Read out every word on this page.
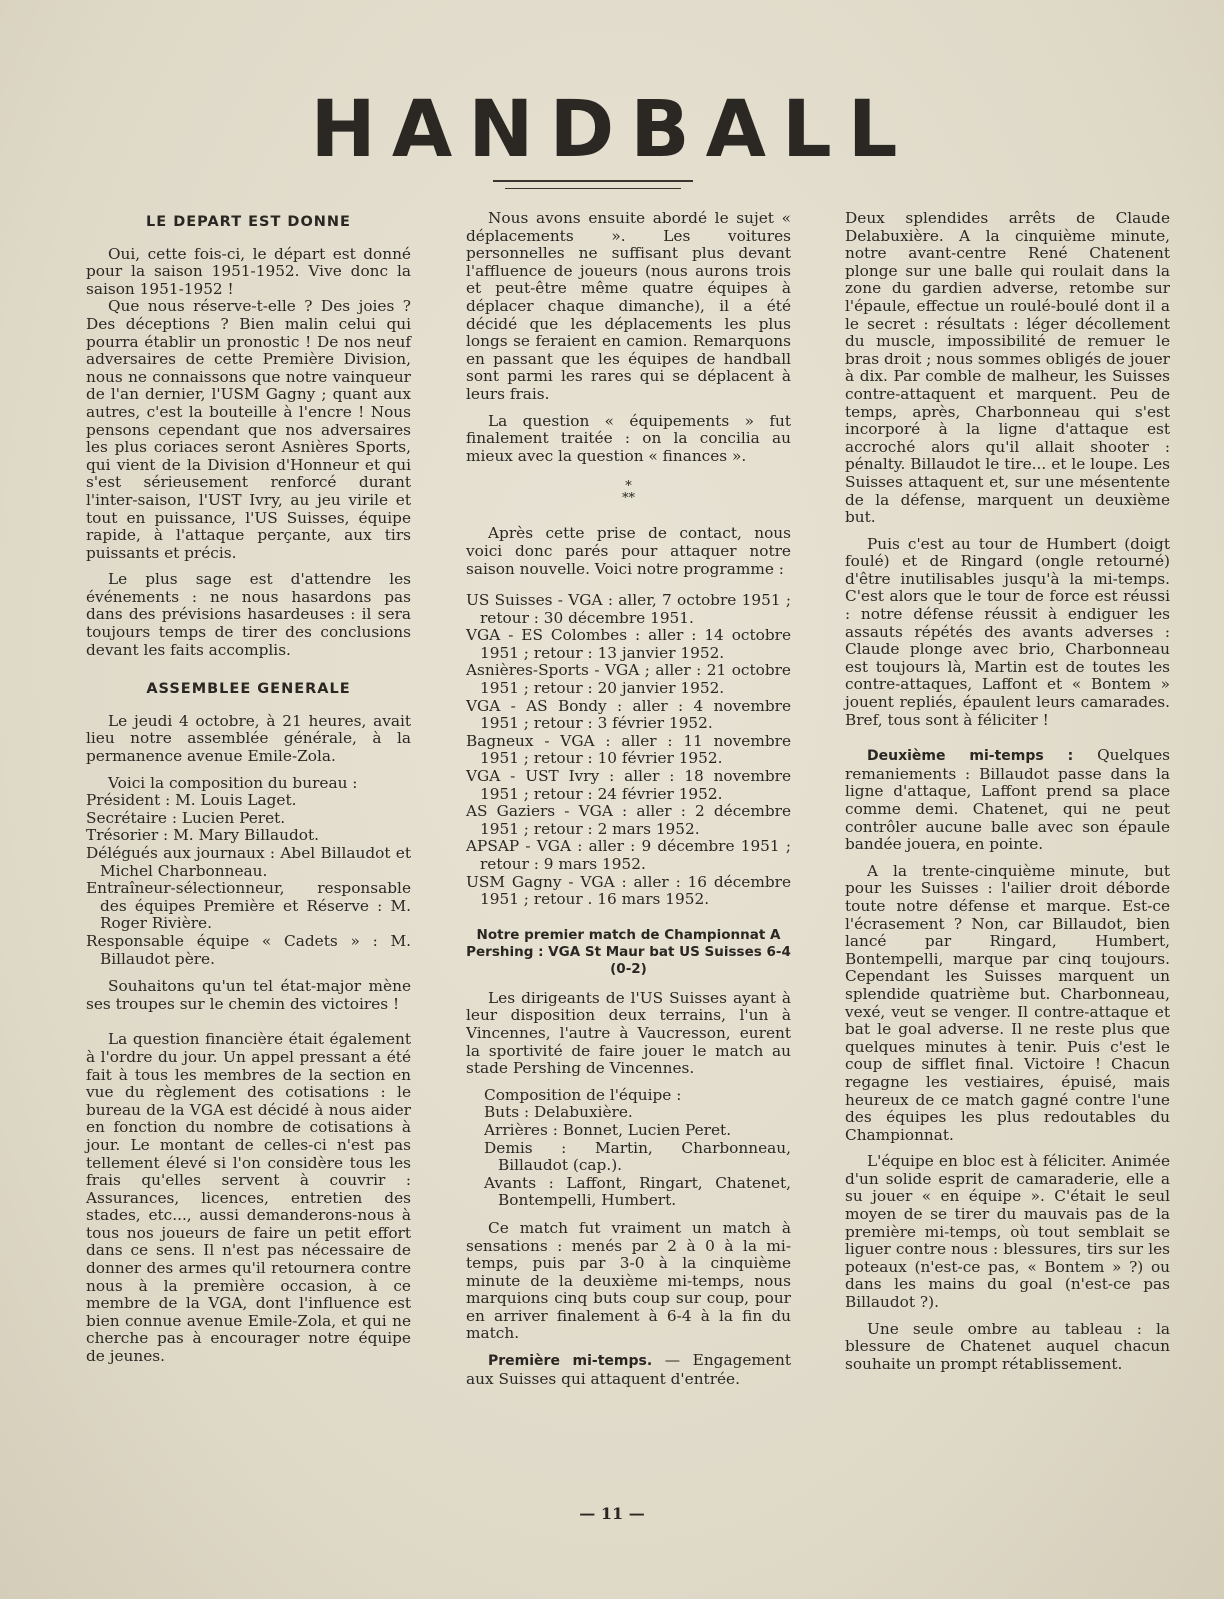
HANDBALL
LE DEPART EST DONNE

Oui, cette fois-ci, le départ est donné pour la saison 1951-1952. Vive donc la saison 1951-1952 !

Que nous réserve-t-elle ? Des joies ? Des déceptions ? Bien malin celui qui pourra établir un pronostic ! De nos neuf adversaires de cette Première Division, nous ne connaissons que notre vainqueur de l'an dernier, l'USM Gagny ; quant aux autres, c'est la bouteille à l'encre ! Nous pensons cependant que nos adversaires les plus coriaces seront Asnières Sports, qui vient de la Division d'Honneur et qui s'est sérieusement renforcé durant l'inter-saison, l'UST Ivry, au jeu virile et tout en puissance, l'US Suisses, équipe rapide, à l'attaque perçante, aux tirs puissants et précis.

Le plus sage est d'attendre les événements : ne nous hasardons pas dans des prévisions hasardeuses : il sera toujours temps de tirer des conclusions devant les faits accomplis.

ASSEMBLEE GENERALE

Le jeudi 4 octobre, à 21 heures, avait lieu notre assemblée générale, à la permanence avenue Emile-Zola.

Voici la composition du bureau :

Président : M. Louis Laget.
Secrétaire : Lucien Peret.
Trésorier : M. Mary Billaudot.
Délégués aux journaux : Abel Billaudot et Michel Charbonneau.
Entraîneur-sélectionneur, responsable des équipes Première et Réserve : M. Roger Rivière.
Responsable équipe « Cadets » : M. Billaudot père.

Souhaitons qu'un tel état-major mène ses troupes sur le chemin des victoires !

La question financière était également à l'ordre du jour. Un appel pressant a été fait à tous les membres de la section en vue du règlement des cotisations : le bureau de la VGA est décidé à nous aider en fonction du nombre de cotisations à jour. Le montant de celles-ci n'est pas tellement élevé si l'on considère tous les frais qu'elles servent à couvrir : Assurances, licences, entretien des stades, etc..., aussi demanderons-nous à tous nos joueurs de faire un petit effort dans ce sens. Il n'est pas nécessaire de donner des armes qu'il retournera contre nous à la première occasion, à ce membre de la VGA, dont l'influence est bien connue avenue Emile-Zola, et qui ne cherche pas à encourager notre équipe de jeunes.

Nous avons ensuite abordé le sujet « déplacements ». Les voitures personnelles ne suffisant plus devant l'affluence de joueurs (nous aurons trois et peut-être même quatre équipes à déplacer chaque dimanche), il a été décidé que les déplacements les plus longs se feraient en camion. Remarquons en passant que les équipes de handball sont parmi les rares qui se déplacent à leurs frais.

La question « équipements » fut finalement traitée : on la concilia au mieux avec la question « finances ».

*
**

Après cette prise de contact, nous voici donc parés pour attaquer notre saison nouvelle. Voici notre programme :

US Suisses - VGA : aller, 7 octobre 1951 ; retour : 30 décembre 1951.
VGA - ES Colombes : aller : 14 octobre 1951 ; retour : 13 janvier 1952.
Asnières-Sports - VGA ; aller : 21 octobre 1951 ; retour : 20 janvier 1952.
VGA - AS Bondy : aller : 4 novembre 1951 ; retour : 3 février 1952.
Bagneux - VGA : aller : 11 novembre 1951 ; retour : 10 février 1952.
VGA - UST Ivry : aller : 18 novembre 1951 ; retour : 24 février 1952.
AS Gaziers - VGA : aller : 2 décembre 1951 ; retour : 2 mars 1952.
APSAP - VGA : aller : 9 décembre 1951 ; retour : 9 mars 1952.
USM Gagny - VGA : aller : 16 décembre 1951 ; retour . 16 mars 1952.
Notre premier match de Championnat A Pershing : VGA St Maur bat US Suisses 6-4 (0-2)

Les dirigeants de l'US Suisses ayant à leur disposition deux terrains, l'un à Vincennes, l'autre à Vaucresson, eurent la sportivité de faire jouer le match au stade Pershing de Vincennes.

Composition de l'équipe :
Buts : Delabuxière.
Arrières : Bonnet, Lucien Peret.
Demis : Martin, Charbonneau, Billaudot (cap.).
Avants : Laffont, Ringart, Chatenet, Bontempelli, Humbert.

Ce match fut vraiment un match à sensations : menés par 2 à 0 à la mi-temps, puis par 3-0 à la cinquième minute de la deuxième mi-temps, nous marquions cinq buts coup sur coup, pour en arriver finalement à 6-4 à la fin du match.

Première mi-temps. — Engagement aux Suisses qui attaquent d'entrée.

Deux splendides arrêts de Claude Delabuxière. A la cinquième minute, notre avant-centre René Chatenent plonge sur une balle qui roulait dans la zone du gardien adverse, retombe sur l'épaule, effectue un roulé-boulé dont il a le secret : résultats : léger décollement du muscle, impossibilité de remuer le bras droit ; nous sommes obligés de jouer à dix. Par comble de malheur, les Suisses contre-attaquent et marquent. Peu de temps, après, Charbonneau qui s'est incorporé à la ligne d'attaque est accroché alors qu'il allait shooter : pénalty. Billaudot le tire... et le loupe. Les Suisses attaquent et, sur une mésentente de la défense, marquent un deuxième but.

Puis c'est au tour de Humbert (doigt foulé) et de Ringard (ongle retourné) d'être inutilisables jusqu'à la mi-temps. C'est alors que le tour de force est réussi : notre défense réussit à endiguer les assauts répétés des avants adverses : Claude plonge avec brio, Charbonneau est toujours là, Martin est de toutes les contre-attaques, Laffont et « Bontem » jouent repliés, épaulent leurs camarades. Bref, tous sont à féliciter !

Deuxième mi-temps : Quelques remaniements : Billaudot passe dans la ligne d'attaque, Laffont prend sa place comme demi. Chatenet, qui ne peut contrôler aucune balle avec son épaule bandée jouera, en pointe.

A la trente-cinquième minute, but pour les Suisses : l'ailier droit déborde toute notre défense et marque. Est-ce l'écrasement ? Non, car Billaudot, bien lancé par Ringard, Humbert, Bontempelli, marque par cinq toujours. Cependant les Suisses marquent un splendide quatrième but. Charbonneau, vexé, veut se venger. Il contre-attaque et bat le goal adverse. Il ne reste plus que quelques minutes à tenir. Puis c'est le coup de sifflet final. Victoire ! Chacun regagne les vestiaires, épuisé, mais heureux de ce match gagné contre l'une des équipes les plus redoutables du Championnat.

L'équipe en bloc est à féliciter. Animée d'un solide esprit de camaraderie, elle a su jouer « en équipe ». C'était le seul moyen de se tirer du mauvais pas de la première mi-temps, où tout semblait se liguer contre nous : blessures, tirs sur les poteaux (n'est-ce pas, « Bontem » ?) ou dans les mains du goal (n'est-ce pas Billaudot ?).

Une seule ombre au tableau : la blessure de Chatenet auquel chacun souhaite un prompt rétablissement.

— 11 —
